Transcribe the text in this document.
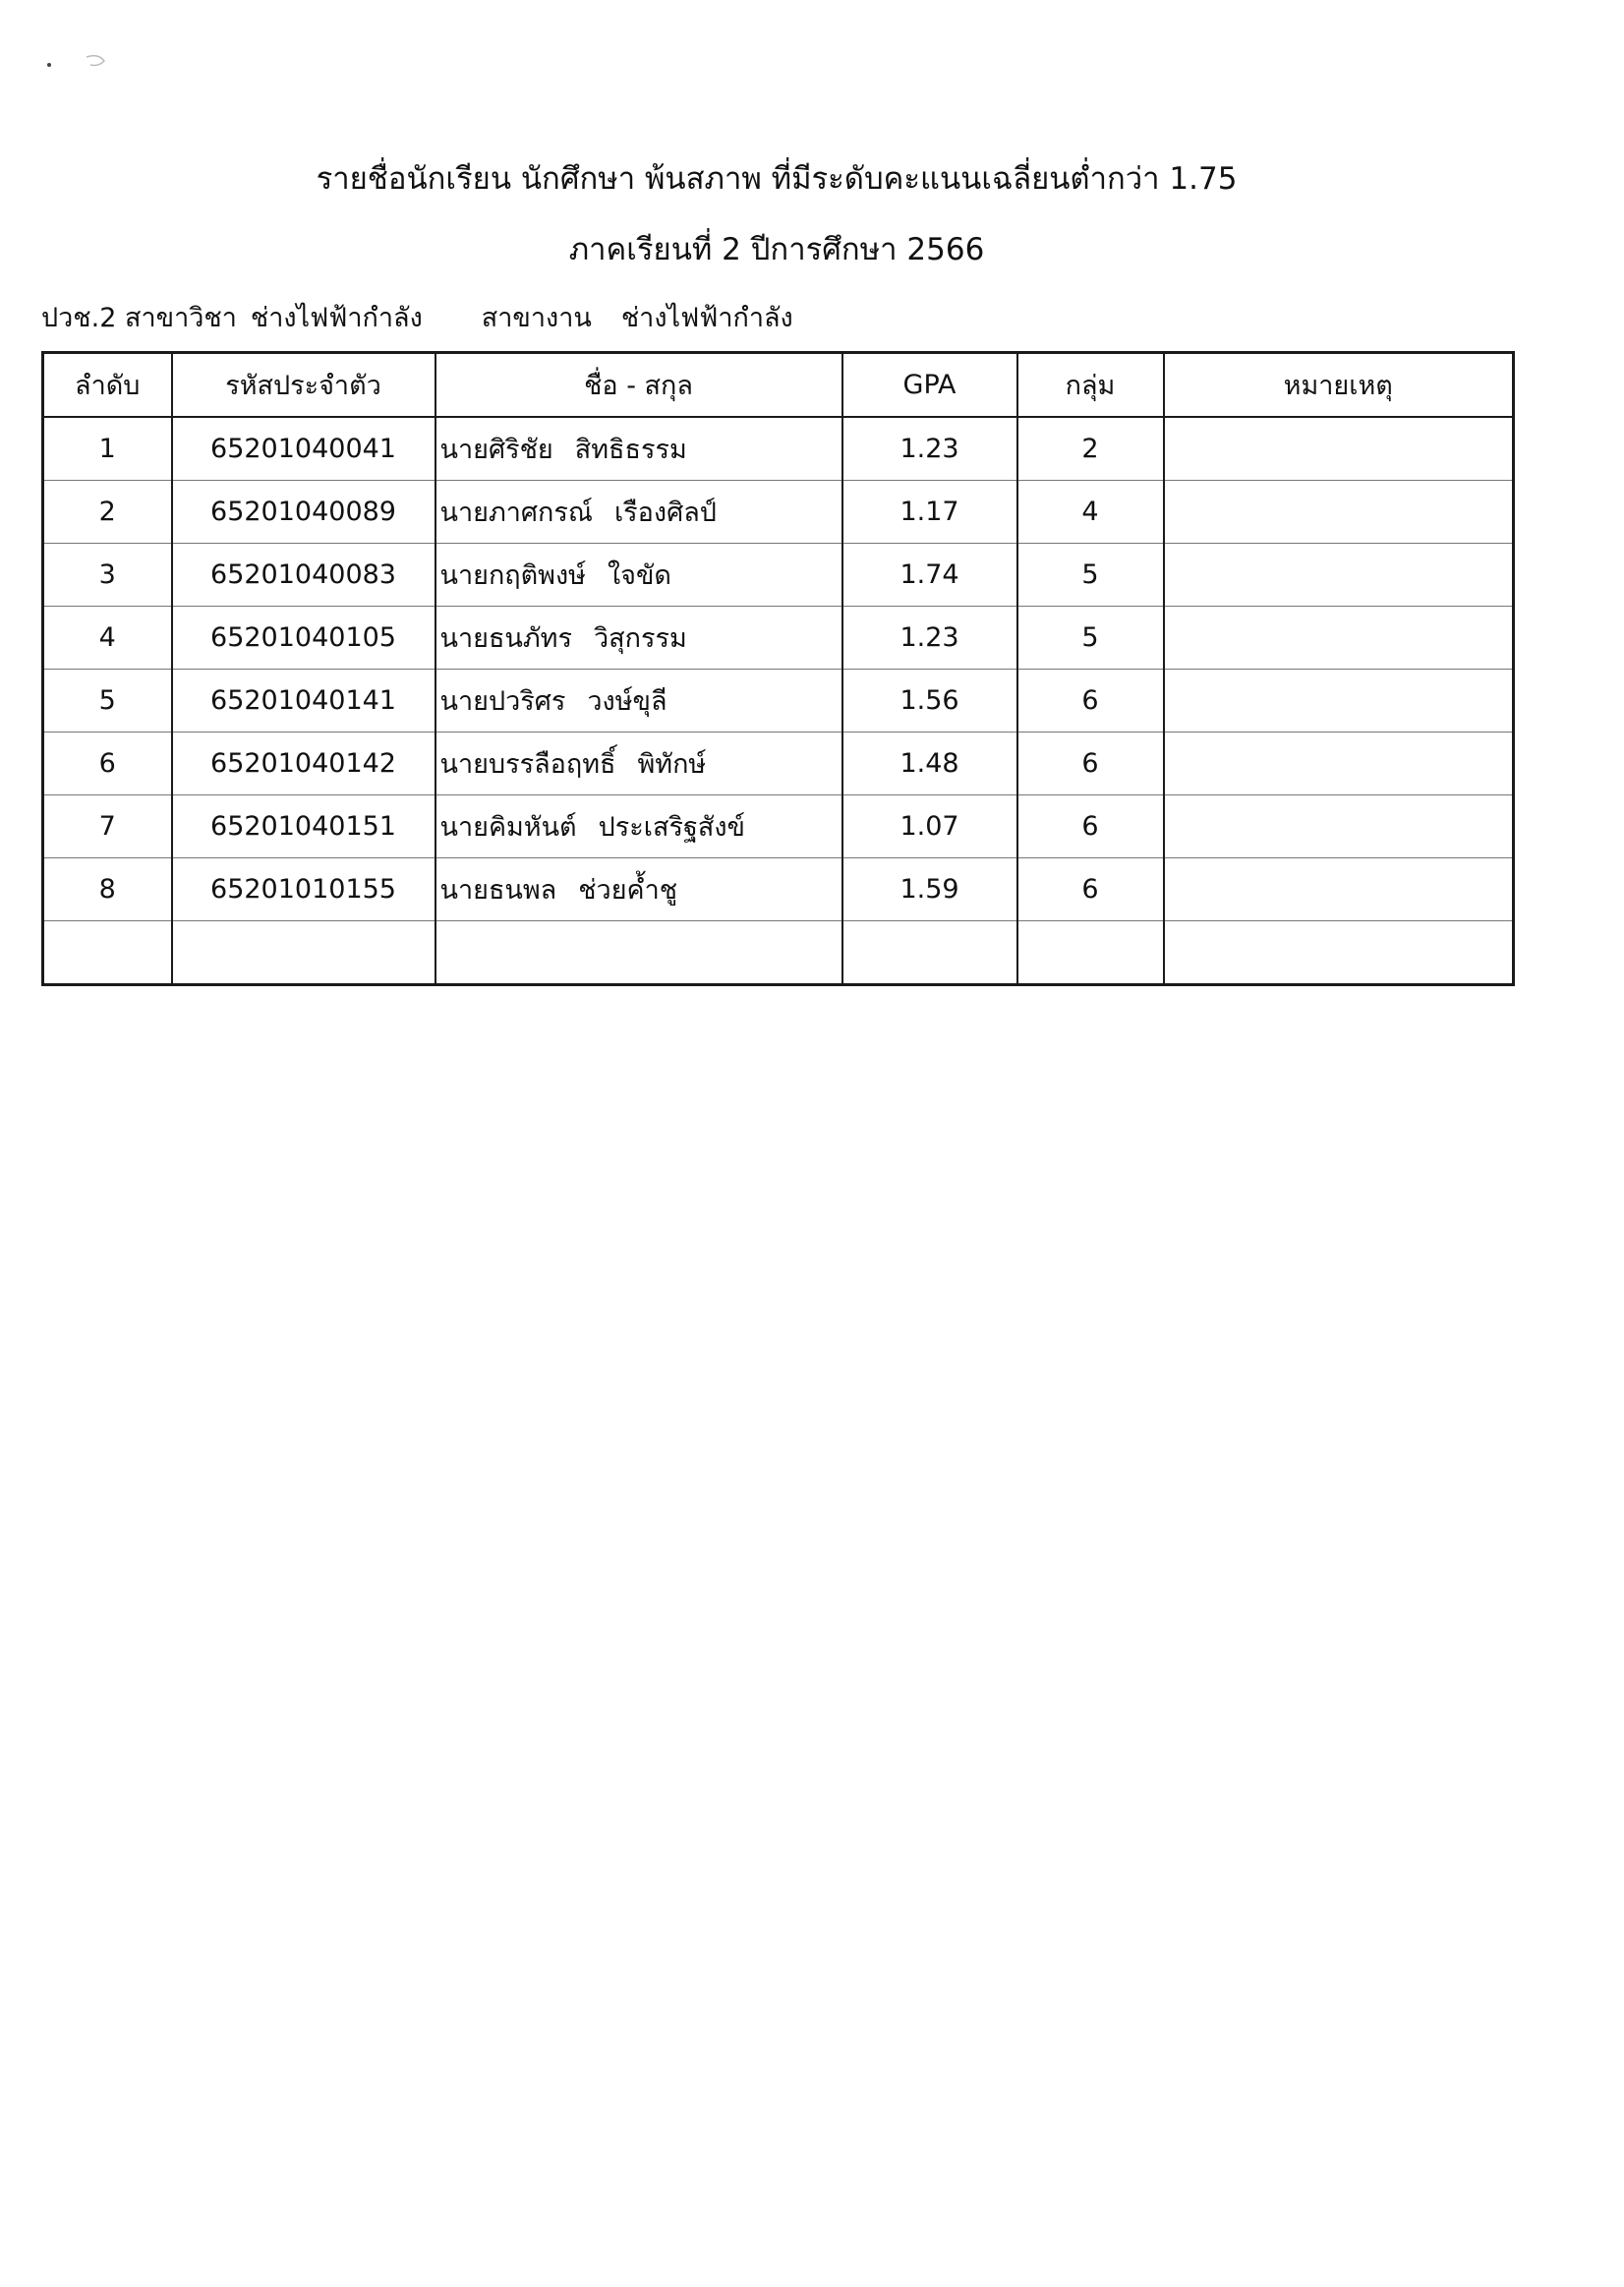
รายชื่อนักเรียน นักศึกษา พ้นสภาพ ที่มีระดับคะแนนเฉลี่ยนต่ำกว่า 1.75
ภาคเรียนที่ 2 ปีการศึกษา 2566
ปวช.2 สาขาวิชา ช่างไฟฟ้ากำลัง สาขางาน ช่างไฟฟ้ากำลัง
ลำดับ	รหัสประจำตัว	ชื่อ - สกุล	GPA	กลุ่ม	หมายเหตุ
1	65201040041	นายศิริชัย สิทธิธรรม	1.23	2	
2	65201040089	นายภาศกรณ์ เรืองศิลป์	1.17	4	
3	65201040083	นายกฤติพงษ์ ใจขัด	1.74	5	
4	65201040105	นายธนภัทร วิสุกรรม	1.23	5	
5	65201040141	นายปวริศร วงษ์ขุลี	1.56	6	
6	65201040142	นายบรรลือฤทธิ์ พิทักษ์	1.48	6	
7	65201040151	นายคิมหันต์ ประเสริฐสังข์	1.07	6	
8	65201010155	นายธนพล ช่วยค้ำชู	1.59	6	
